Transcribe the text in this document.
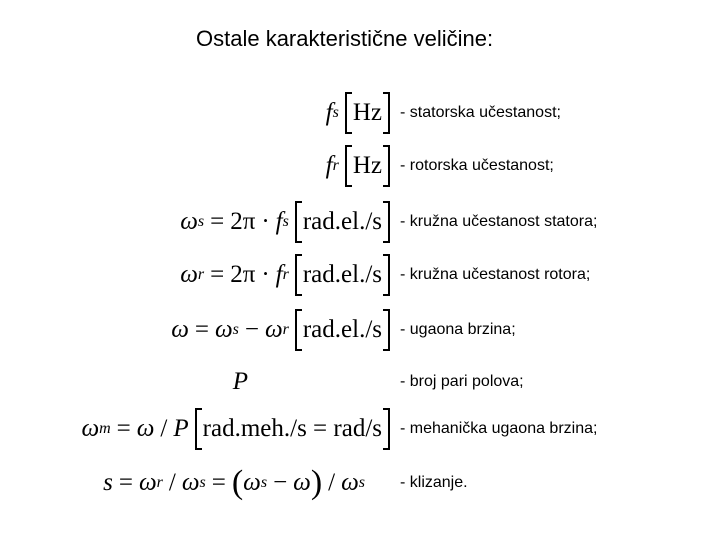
Ostale karakteristične veličine:
f s Hz	- statorska učestanost;
f r Hz	- rotorska učestanost;
ω s = 2π · f s rad.el./s	- kružna učestanost statora;
ω r = 2π · f r rad.el./s	- kružna učestanost rotora;
ω = ω s − ω r rad.el./s	- ugaona brzina;
P	- broj pari polova;
ω m = ω / P rad.meh./s = rad/s	- mehanička ugaona brzina;
s = ω r / ω s = ( ω s − ω ) / ω s - klizanje.
